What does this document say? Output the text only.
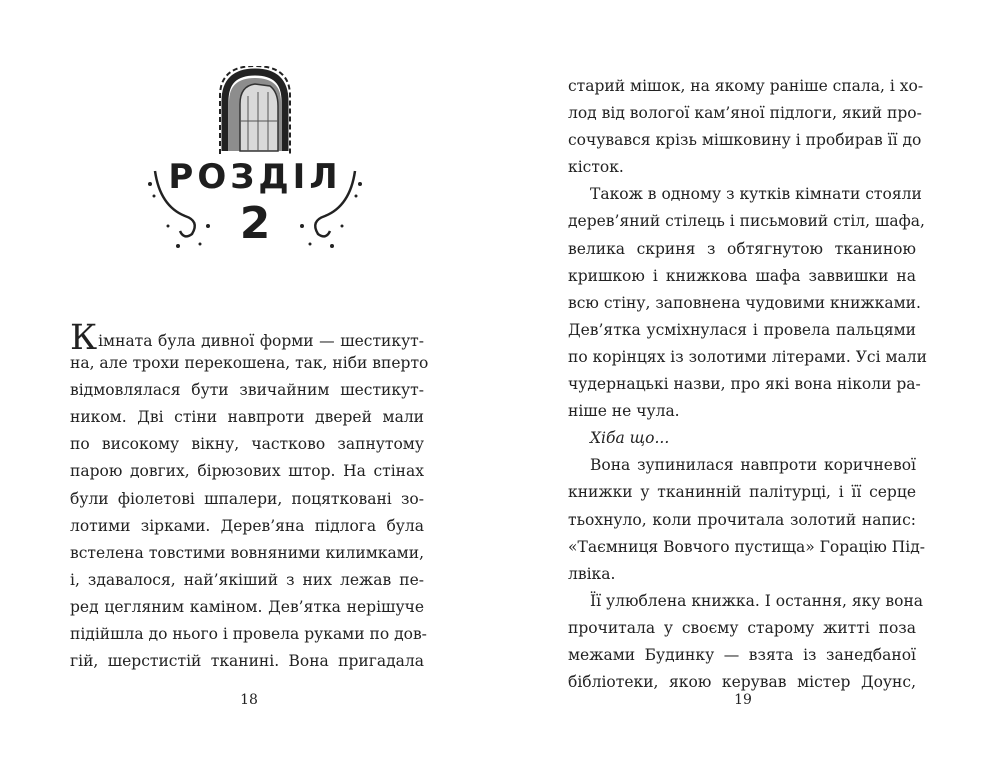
РОЗДІЛ
2
Кімната була дивної форми — шестикут-
на, але трохи перекошена, так, ніби вперто
відмовлялася бути звичайним шестикут-
ником. Дві стіни навпроти дверей мали
по високому вікну, частково запнутому
парою довгих, бірюзових штор. На стінах
були фіолетові шпалери, поцятковані зо-
лотими зірками. Дерев’яна підлога була
встелена товстими вовняними килимками,
і, здавалося, най’якіший з них лежав пе-
ред цегляним каміном. Дев’ятка нерішуче
підійшла до нього і провела руками по дов-
гій, шерстистій тканині. Вона пригадала
18
старий мішок, на якому раніше спала, і хо-
лод від вологої кам’яної підлоги, який про-
сочувався крізь мішковину і пробирав її до
кісток.
Також в одному з кутків кімнати стояли
дерев’яний стілець і письмовий стіл, шафа,
велика скриня з обтягнутою тканиною
кришкою і книжкова шафа заввишки на
всю стіну, заповнена чудовими книжками.
Дев’ятка усміхнулася і провела пальцями
по корінцях із золотими літерами. Усі мали
чудернацькі назви, про які вона ніколи ра-
ніше не чула.
Хіба що...
Вона зупинилася навпроти коричневої
книжки у тканинній палітурці, і її серце
тьохнуло, коли прочитала золотий напис:
«Таємниця Вовчого пустища» Горацію Під-
лвіка.
Її улюблена книжка. І остання, яку вона
прочитала у своєму старому житті поза
межами Будинку — взята із занедбаної
бібліотеки, якою керував містер Доунс,
19
